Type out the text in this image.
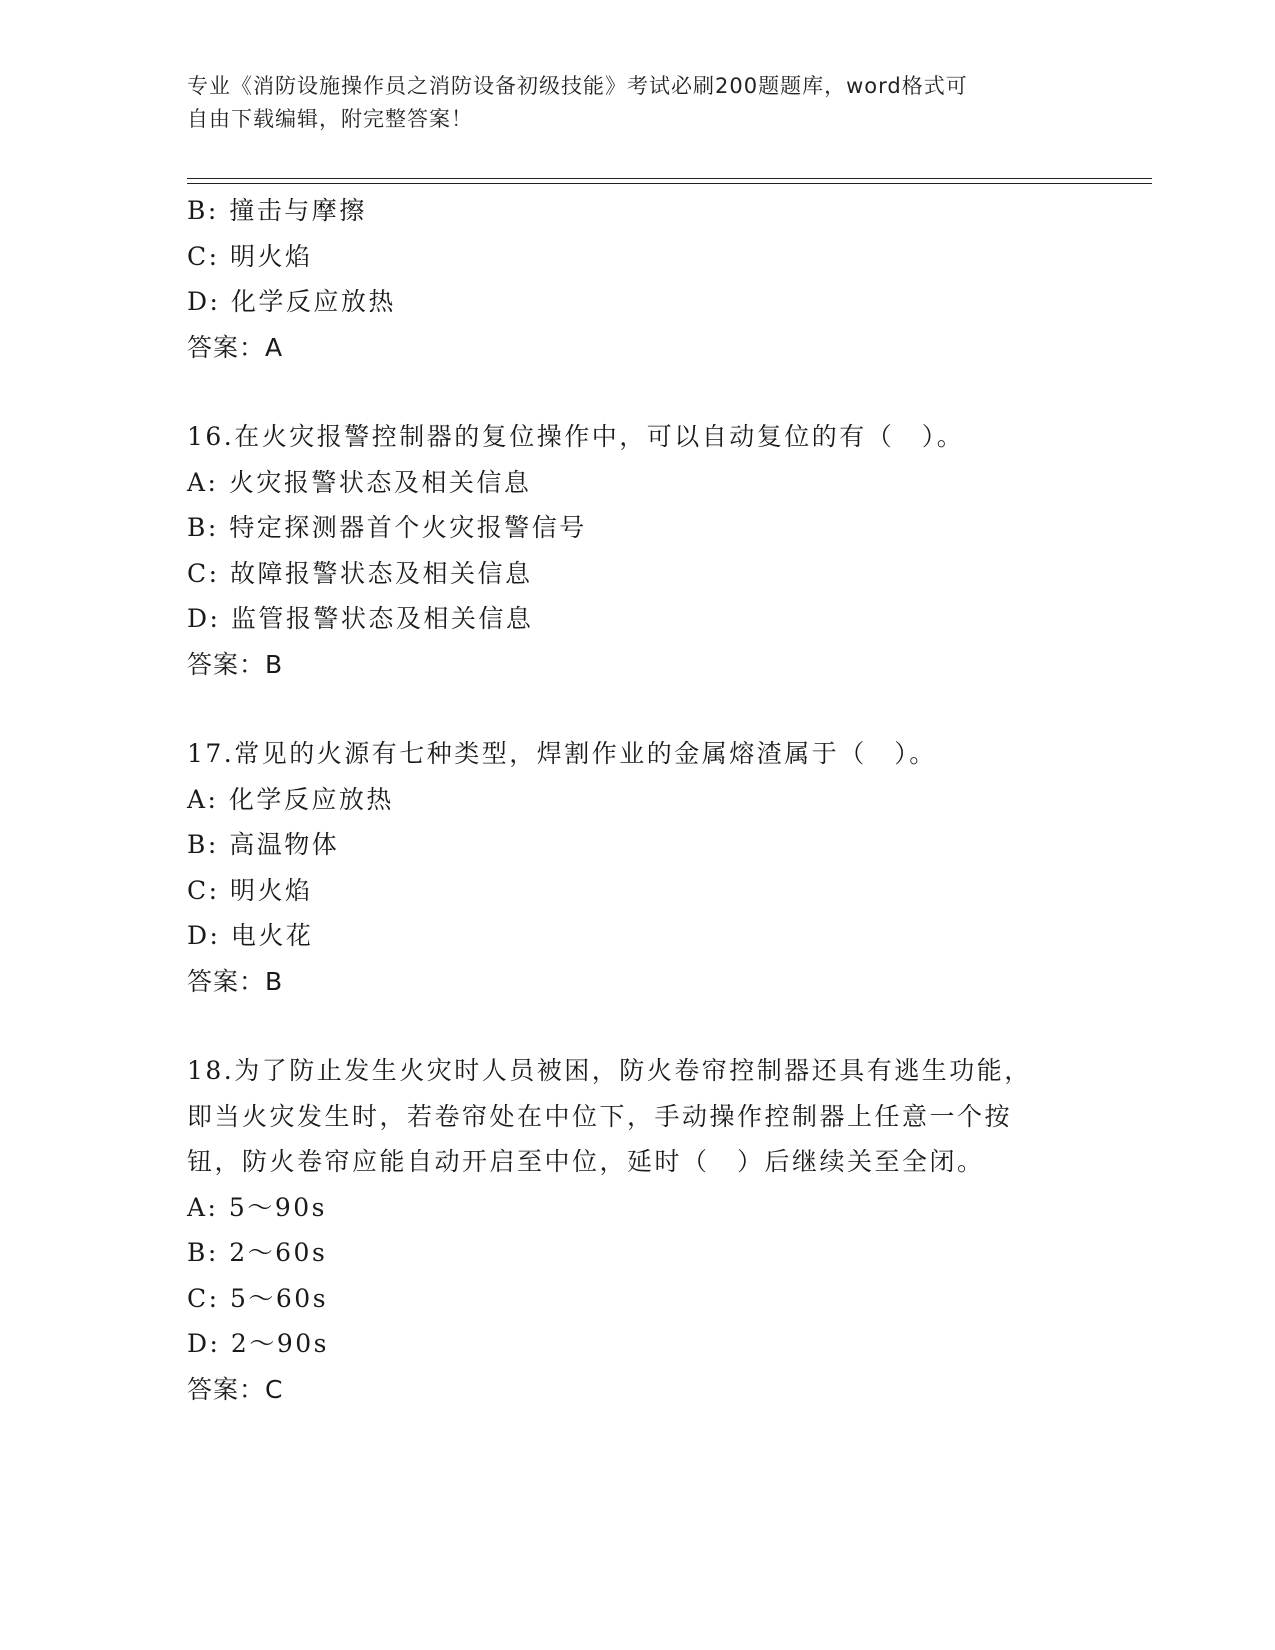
专业《消防设施操作员之消防设备初级技能》考试必刷200题题库，word格式可
自由下载编辑，附完整答案！
B: 撞击与摩擦
C: 明火焰
D: 化学反应放热
答案：A
16.在火灾报警控制器的复位操作中，可以自动复位的有（　）。
A: 火灾报警状态及相关信息
B: 特定探测器首个火灾报警信号
C: 故障报警状态及相关信息
D: 监管报警状态及相关信息
答案：B
17.常见的火源有七种类型，焊割作业的金属熔渣属于（　）。
A: 化学反应放热
B: 高温物体
C: 明火焰
D: 电火花
答案：B
18.为了防止发生火灾时人员被困，防火卷帘控制器还具有逃生功能，
即当火灾发生时，若卷帘处在中位下，手动操作控制器上任意一个按
钮，防火卷帘应能自动开启至中位，延时（　）后继续关至全闭。
A: 5～90s
B: 2～60s
C: 5～60s
D: 2～90s
答案：C
